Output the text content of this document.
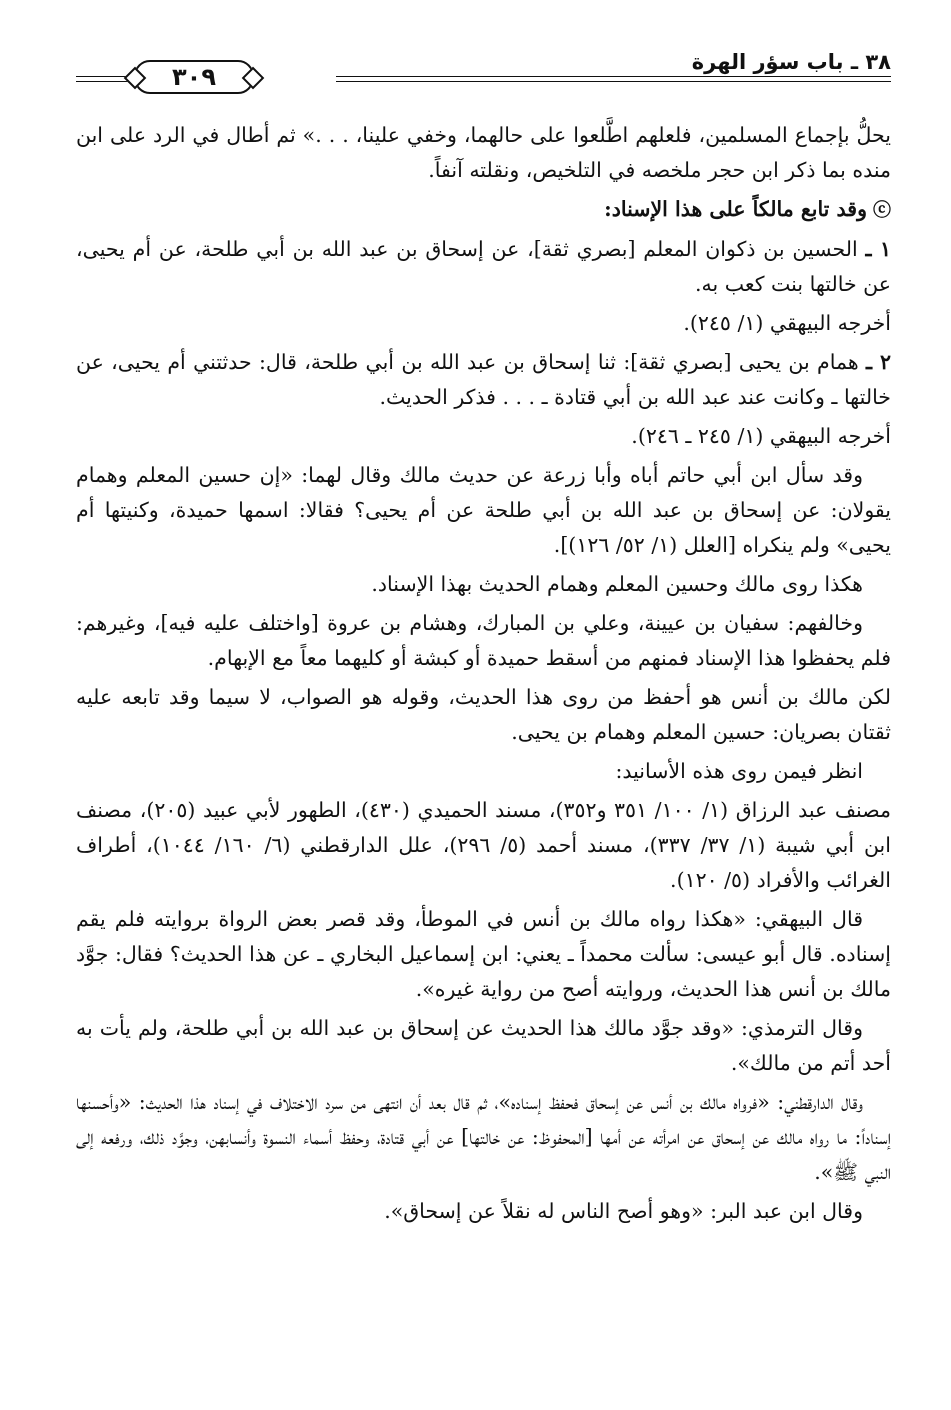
٣٨ ـ باب سؤر الهرة
٣٠٩

يحلُّ بإجماع المسلمين، فلعلهم اطَّلعوا على حالهما، وخفي علينا، . . .» ثم أطال في الرد على ابن منده بما ذكر ابن حجر ملخصه في التلخيص، ونقلته آنفاً.

ⓒوقد تابع مالكاً على هذا الإسناد:

١ ـ الحسين بن ذكوان المعلم [بصري ثقة]، عن إسحاق بن عبد الله بن أبي طلحة، عن أم يحيى، عن خالتها بنت كعب به.

أخرجه البيهقي (١/ ٢٤٥).

٢ ـ همام بن يحيى [بصري ثقة]: ثنا إسحاق بن عبد الله بن أبي طلحة، قال: حدثتني أم يحيى، عن خالتها ـ وكانت عند عبد الله بن أبي قتادة ـ . . . فذكر الحديث.

أخرجه البيهقي (١/ ٢٤٥ ـ ٢٤٦).

وقد سأل ابن أبي حاتم أباه وأبا زرعة عن حديث مالك وقال لهما: «إن حسين المعلم وهمام يقولان: عن إسحاق بن عبد الله بن أبي طلحة عن أم يحيى؟ فقالا: اسمها حميدة، وكنيتها أم يحيى» ولم ينكراه [العلل (١/ ٥٢/ ١٢٦)].

هكذا روى مالك وحسين المعلم وهمام الحديث بهذا الإسناد.

وخالفهم: سفيان بن عيينة، وعلي بن المبارك، وهشام بن عروة [واختلف عليه فيه]، وغيرهم: فلم يحفظوا هذا الإسناد فمنهم من أسقط حميدة أو كبشة أو كليهما معاً مع الإبهام.

لكن مالك بن أنس هو أحفظ من روى هذا الحديث، وقوله هو الصواب، لا سيما وقد تابعه عليه ثقتان بصريان: حسين المعلم وهمام بن يحيى.

انظر فيمن روى هذه الأسانيد:

مصنف عبد الرزاق (١/ ١٠٠/ ٣٥١ و٣٥٢)، مسند الحميدي (٤٣٠)، الطهور لأبي عبيد (٢٠٥)، مصنف ابن أبي شيبة (١/ ٣٧/ ٣٣٧)، مسند أحمد (٥/ ٢٩٦)، علل الدارقطني (٦/ ١٦٠/ ١٠٤٤)، أطراف الغرائب والأفراد (٥/ ١٢٠).

قال البيهقي: «هكذا رواه مالك بن أنس في الموطأ، وقد قصر بعض الرواة بروايته فلم يقم إسناده. قال أبو عيسى: سألت محمداً ـ يعني: ابن إسماعيل البخاري ـ عن هذا الحديث؟ فقال: جوَّد مالك بن أنس هذا الحديث، وروايته أصح من رواية غيره».

وقال الترمذي: «وقد جوَّد مالك هذا الحديث عن إسحاق بن عبد الله بن أبي طلحة، ولم يأت به أحد أتم من مالك».

وقال الدارقطني: «فرواه مالك بن أنس عن إسحاق فحفظ إسناده»، ثم قال بعد أن انتهى من سرد الاختلاف في إسناد هذا الحديث: «وأحسنها إسناداً: ما رواه مالك عن إسحاق عن امرأته عن أمها [المحفوظ: عن خالتها] عن أبي قتادة، وحفظ أسماء النسوة وأنسابهن، وجوَّد ذلك، ورفعه إلى النبي ﷺ».

وقال ابن عبد البر: «وهو أصح الناس له نقلاً عن إسحاق».
